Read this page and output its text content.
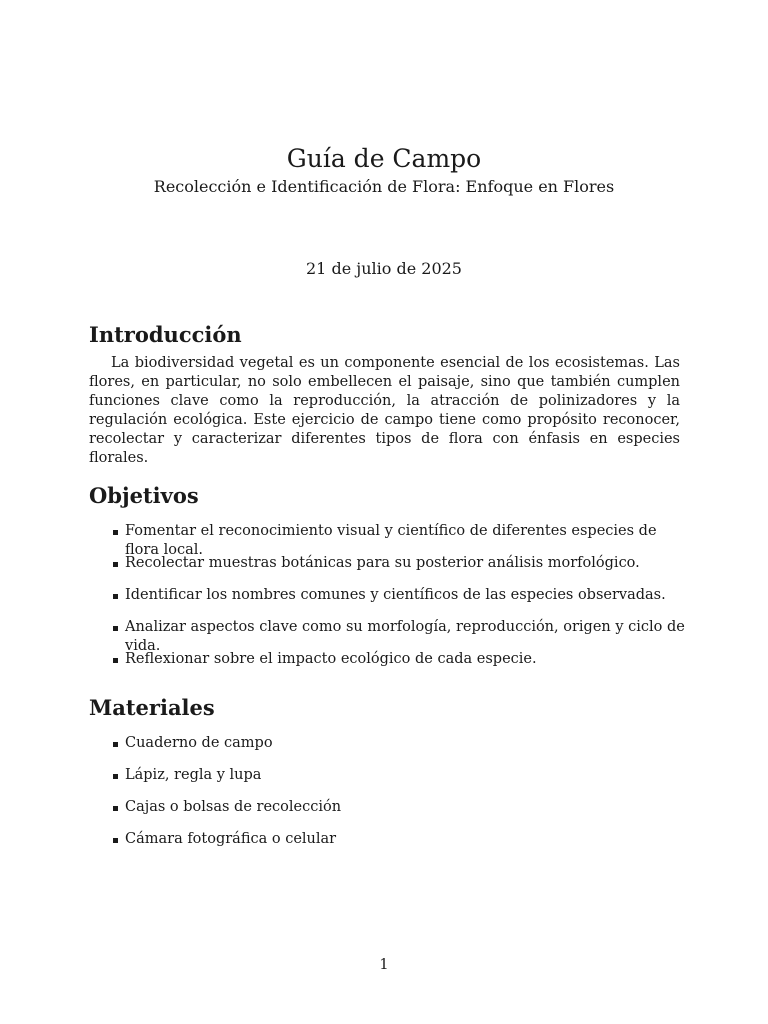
Guía de Campo
Recolección e Identificación de Flora: Enfoque en Flores
21 de julio de 2025
Introducción

La biodiversidad vegetal es un componente esencial de los ecosistemas. Las flores, en particular, no solo embellecen el paisaje, sino que también cumplen funciones clave como la reproducción, la atracción de polinizadores y la regulación ecológica. Este ejercicio de campo tiene como propósito reconocer, recolectar y caracterizar diferentes tipos de flora con énfasis en especies florales.

Objetivos
Fomentar el reconocimiento visual y científico de diferentes especies de flora local.
Recolectar muestras botánicas para su posterior análisis morfológico.
Identificar los nombres comunes y científicos de las especies observadas.
Analizar aspectos clave como su morfología, reproducción, origen y ciclo de vida.
Reflexionar sobre el impacto ecológico de cada especie.
Materiales
Cuaderno de campo
Lápiz, regla y lupa
Cajas o bolsas de recolección
Cámara fotográfica o celular
1
